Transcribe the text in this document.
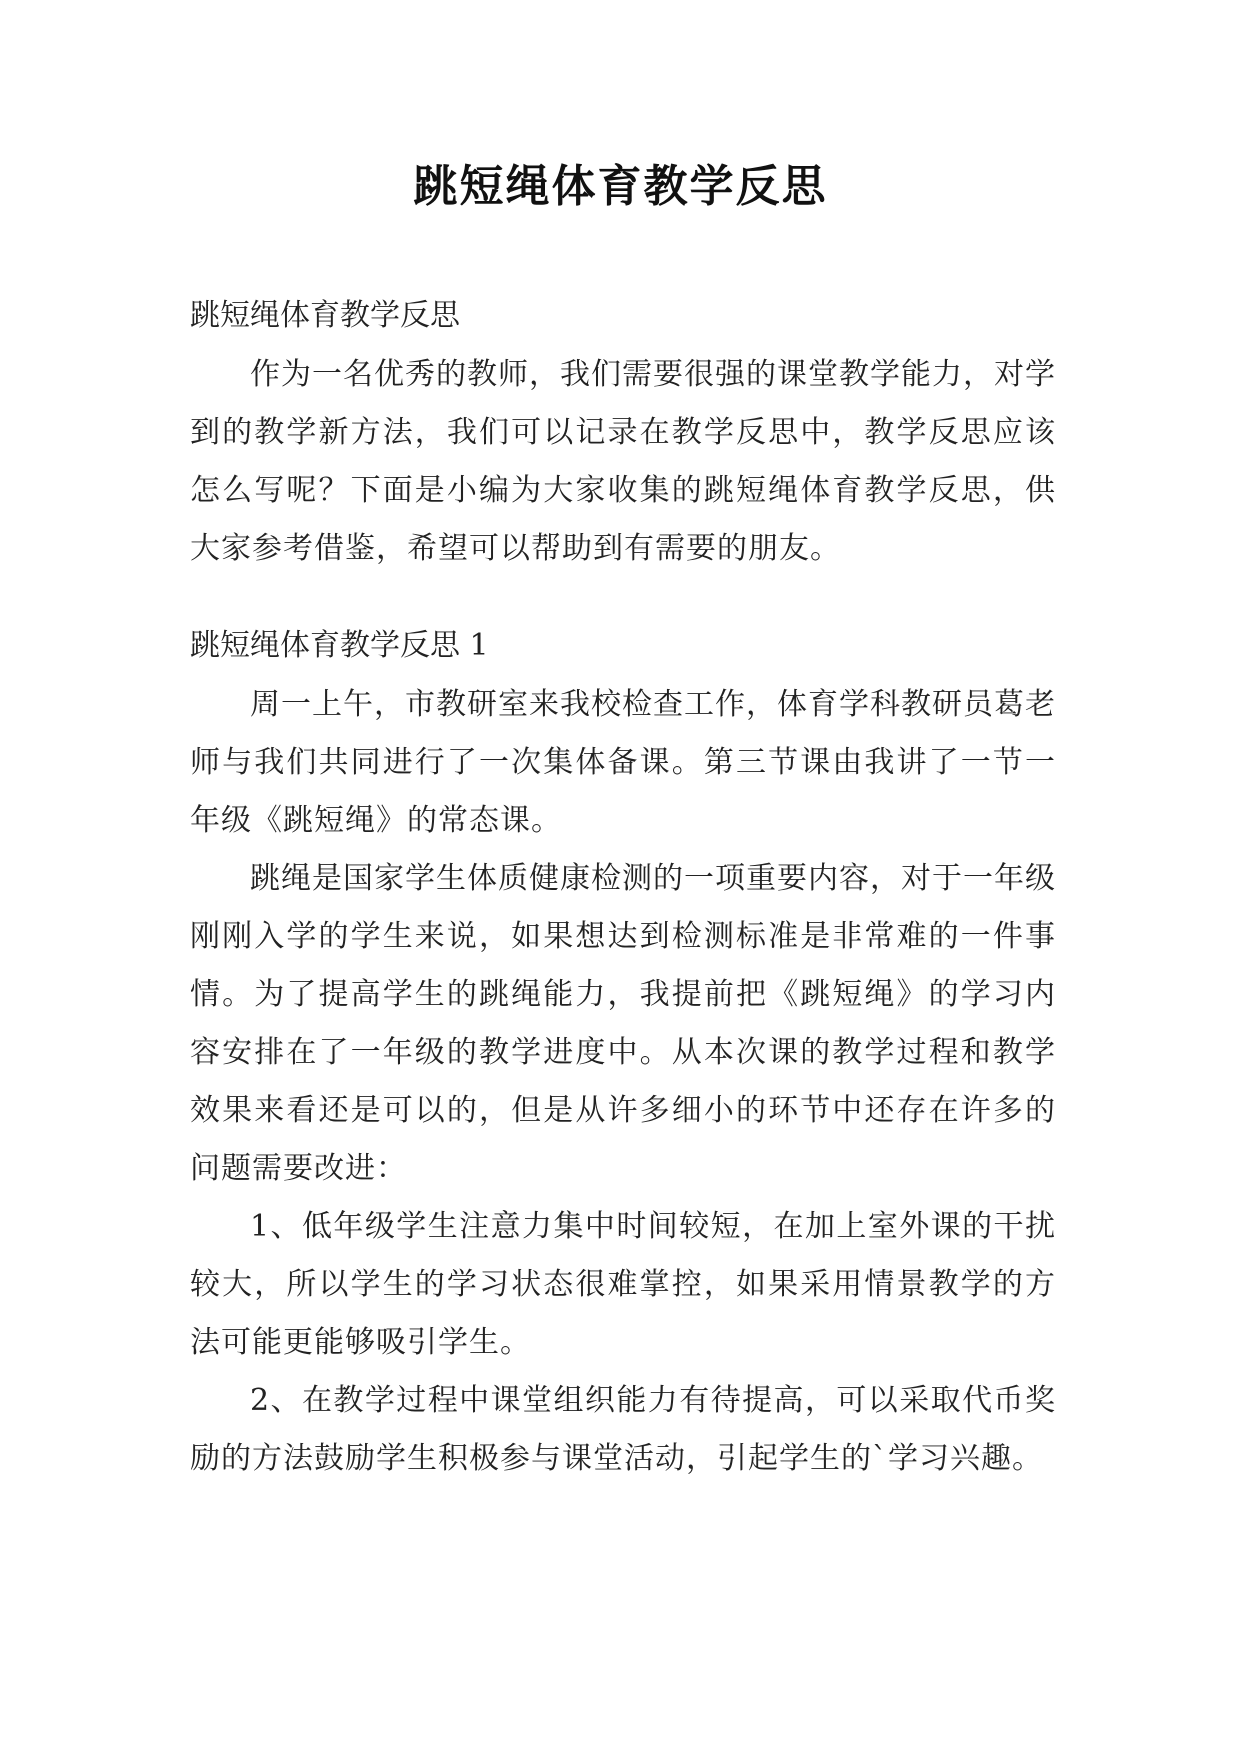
跳短绳体育教学反思

跳短绳体育教学反思

作为一名优秀的教师，我们需要很强的课堂教学能力，对学到的教学新方法，我们可以记录在教学反思中，教学反思应该怎么写呢？下面是小编为大家收集的跳短绳体育教学反思，供大家参考借鉴，希望可以帮助到有需要的朋友。

跳短绳体育教学反思 1

周一上午，市教研室来我校检查工作，体育学科教研员葛老师与我们共同进行了一次集体备课。第三节课由我讲了一节一年级《跳短绳》的常态课。

跳绳是国家学生体质健康检测的一项重要内容，对于一年级刚刚入学的学生来说，如果想达到检测标准是非常难的一件事情。为了提高学生的跳绳能力，我提前把《跳短绳》的学习内容安排在了一年级的教学进度中。从本次课的教学过程和教学效果来看还是可以的，但是从许多细小的环节中还存在许多的问题需要改进：

1、低年级学生注意力集中时间较短，在加上室外课的干扰较大，所以学生的学习状态很难掌控，如果采用情景教学的方法可能更能够吸引学生。

2、在教学过程中课堂组织能力有待提高，可以采取代币奖励的方法鼓励学生积极参与课堂活动，引起学生的`学习兴趣。
